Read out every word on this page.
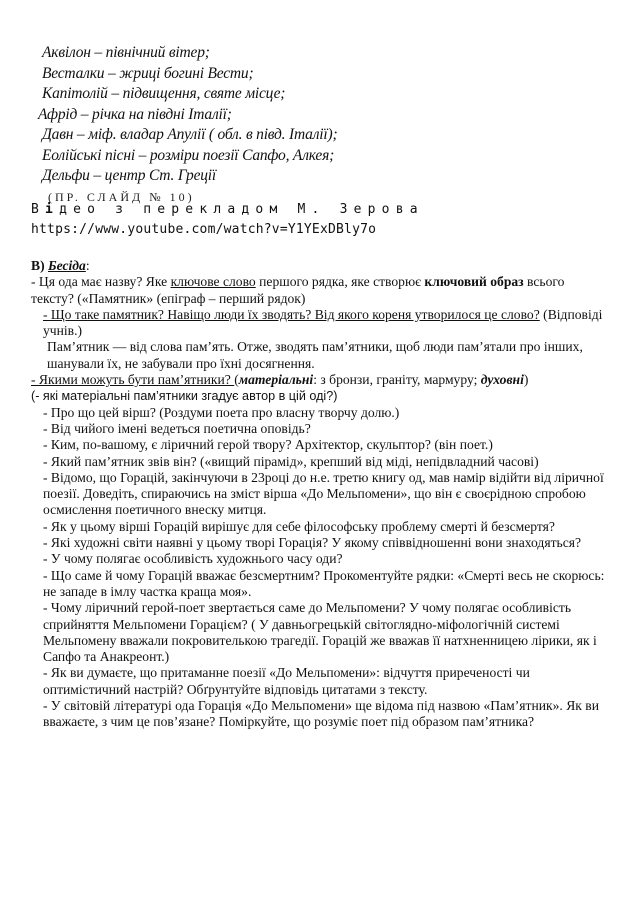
Аквілон – північний вітер;
Весталки – жриці богині Вести;
Капітолій – підвищення, святе місце;
Афрід – річка на півдні Італії;
Давн – міф. владар Апулії ( обл. в півд. Італії);
Еолійські пісні – розміри поезії Сапфо, Алкея;
Дельфи – центр Ст. Греції
(ПР. СЛАЙД № 10)
Відео з перекладом М. Зерова
https://www.youtube.com/watch?v=Y1YExDBly7o

В) Бесіда:

- Ця ода має назву? Яке ключове слово першого рядка, яке створює ключовий образ всього тексту? («Памятник» (епіграф – перший рядок)

- Що таке памятник? Навіщо люди їх зводять? Від якого кореня утворилося це слово? (Відповіді учнів.)

Пам’ятник — від слова пам’ять. Отже, зводять пам’ятники, щоб люди пам’ятали про інших, шанували їх, не забували про їхні досягнення.

- Якими можуть бути пам’ятники? (матеріальні: з бронзи, граніту, мармуру; духовні)

(- які матеріальні пам’ятники згадує автор в цій оді?)

- Про що цей вірш? (Роздуми поета про власну творчу долю.)

- Від чийого імені ведеться поетична оповідь?

- Ким, по-вашому, є ліричний герой твору? Архітектор, скульптор? (він поет.)

- Який пам’ятник звів він? («вищий пірамід», крепший від міді, непідвладний часові)

- Відомо, що Горацій, закінчуючи в 23році до н.е. третю книгу од, мав намір відійти від ліричної поезії. Доведіть, спираючись на зміст вірша «До Мельпомени», що він є своєрідною спробою осмислення поетичного внеску митця.

- Як у цьому вірші Горацій вирішує для себе філософську проблему смерті й безсмертя?

- Які художні світи наявні у цьому творі Горація? У якому співвідношенні вони знаходяться?

- У чому полягає особливість художнього часу оди?

- Що саме й чому Горацій вважає безсмертним? Прокоментуйте рядки: «Смерті весь не скорюсь: не западе в імлу частка краща моя».

- Чому ліричний герой-поет звертається саме до Мельпомени? У чому полягає особливість сприйняття Мельпомени Горацієм? ( У давньогрецькій світоглядно-міфологічній системі Мельпомену вважали покровителькою трагедії. Горацій же вважав її натхненницею лірики, як і Сапфо та Анакреонт.)

- Як ви думаєте, що притаманне поезії «До Мельпомени»: відчуття приреченості чи оптимістичний настрій? Обґрунтуйте відповідь цитатами з тексту.

- У світовій літературі ода Горація «До Мельпомени» ще відома під назвою «Пам’ятник». Як ви вважаєте, з чим це пов’язане? Поміркуйте, що розуміє поет під образом пам’ятника?
